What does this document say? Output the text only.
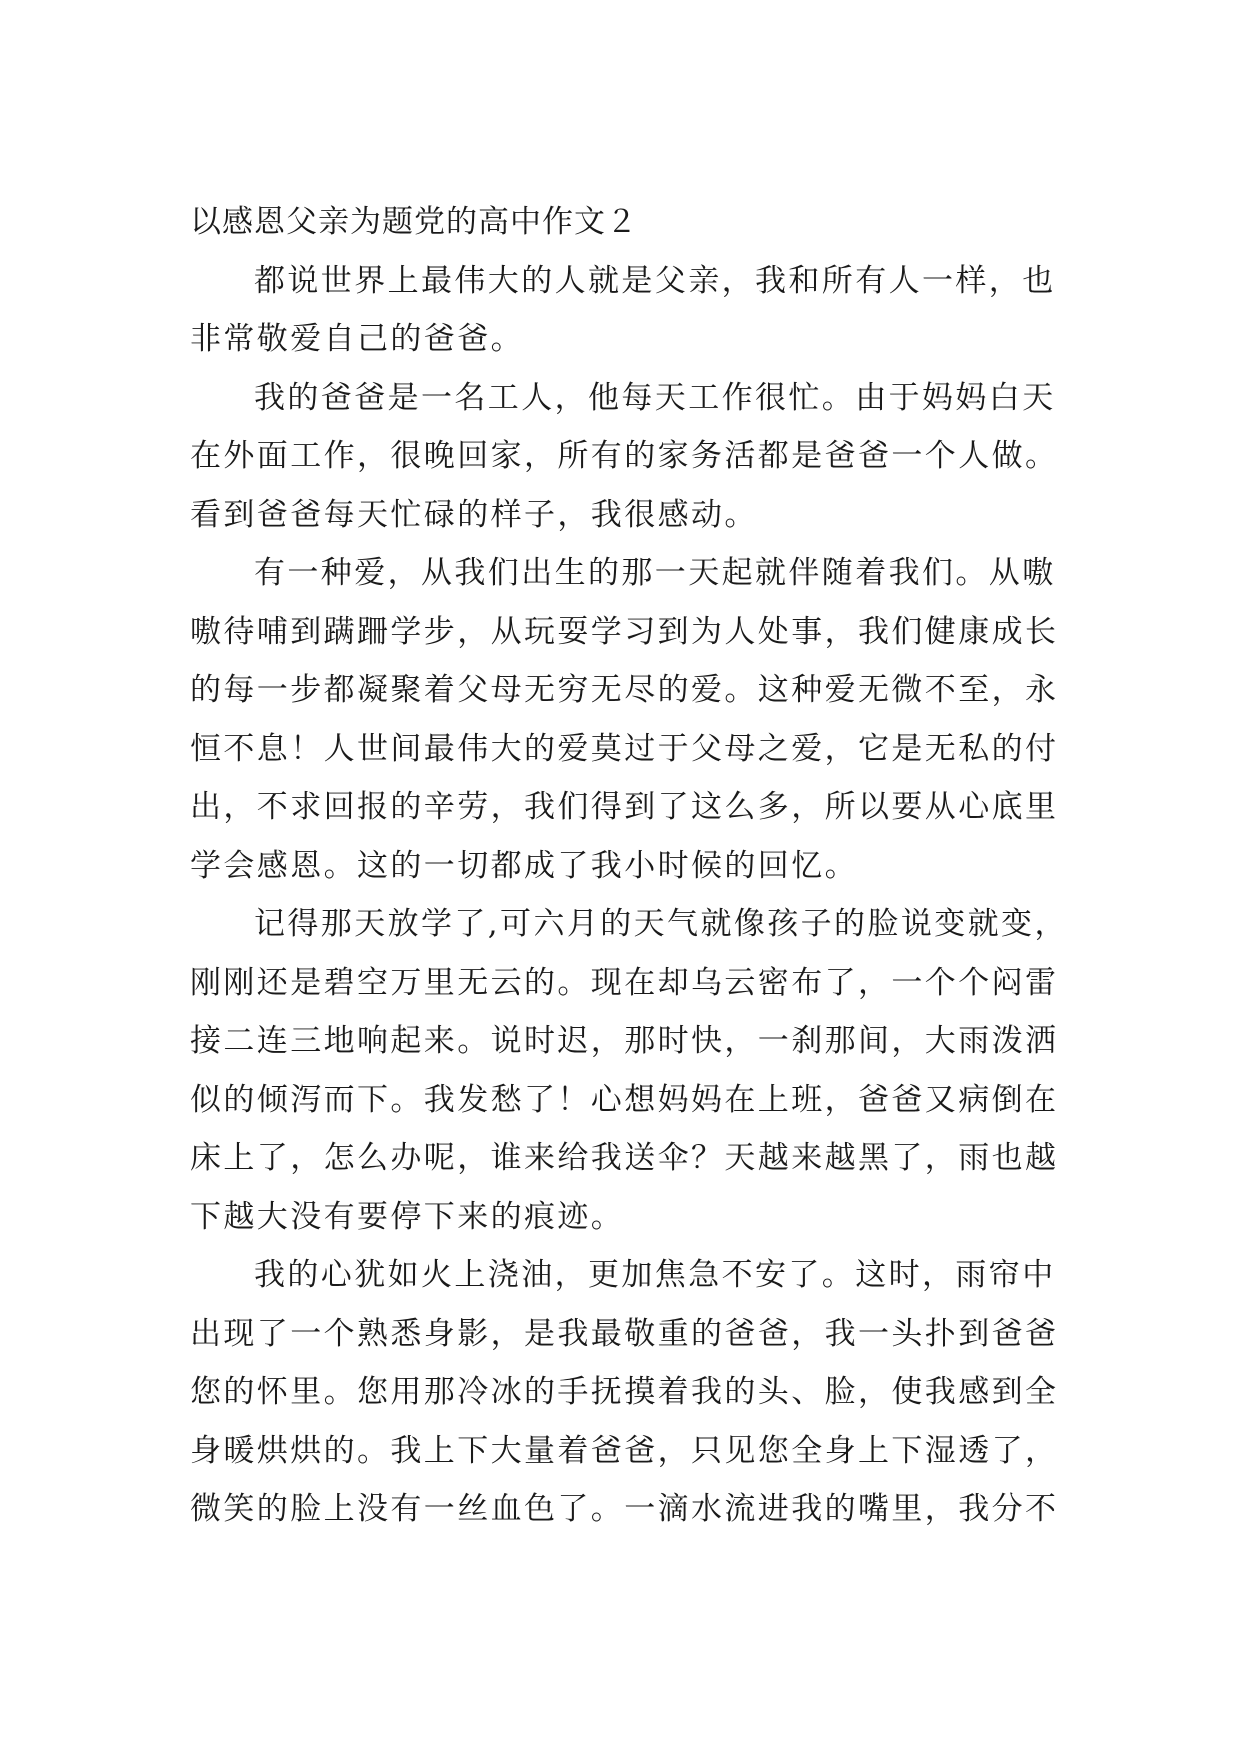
以感恩父亲为题党的高中作文２
都说世界上最伟大的人就是父亲，我和所有人一样，也
非常敬爱自己的爸爸。
我的爸爸是一名工人，他每天工作很忙。由于妈妈白天
在外面工作，很晚回家，所有的家务活都是爸爸一个人做。
看到爸爸每天忙碌的样子，我很感动。
有一种爱，从我们出生的那一天起就伴随着我们。从嗷
嗷待哺到蹒跚学步，从玩耍学习到为人处事，我们健康成长
的每一步都凝聚着父母无穷无尽的爱。这种爱无微不至，永
恒不息！人世间最伟大的爱莫过于父母之爱，它是无私的付
出，不求回报的辛劳，我们得到了这么多，所以要从心底里
学会感恩。这的一切都成了我小时候的回忆。
记得那天放学了,可六月的天气就像孩子的脸说变就变，
刚刚还是碧空万里无云的。现在却乌云密布了，一个个闷雷
接二连三地响起来。说时迟，那时快，一刹那间，大雨泼洒
似的倾泻而下。我发愁了！心想妈妈在上班，爸爸又病倒在
床上了，怎么办呢，谁来给我送伞？天越来越黑了，雨也越
下越大没有要停下来的痕迹。
我的心犹如火上浇油，更加焦急不安了。这时，雨帘中
出现了一个熟悉身影，是我最敬重的爸爸，我一头扑到爸爸
您的怀里。您用那冷冰的手抚摸着我的头、脸，使我感到全
身暖烘烘的。我上下大量着爸爸，只见您全身上下湿透了，
微笑的脸上没有一丝血色了。一滴水流进我的嘴里，我分不
